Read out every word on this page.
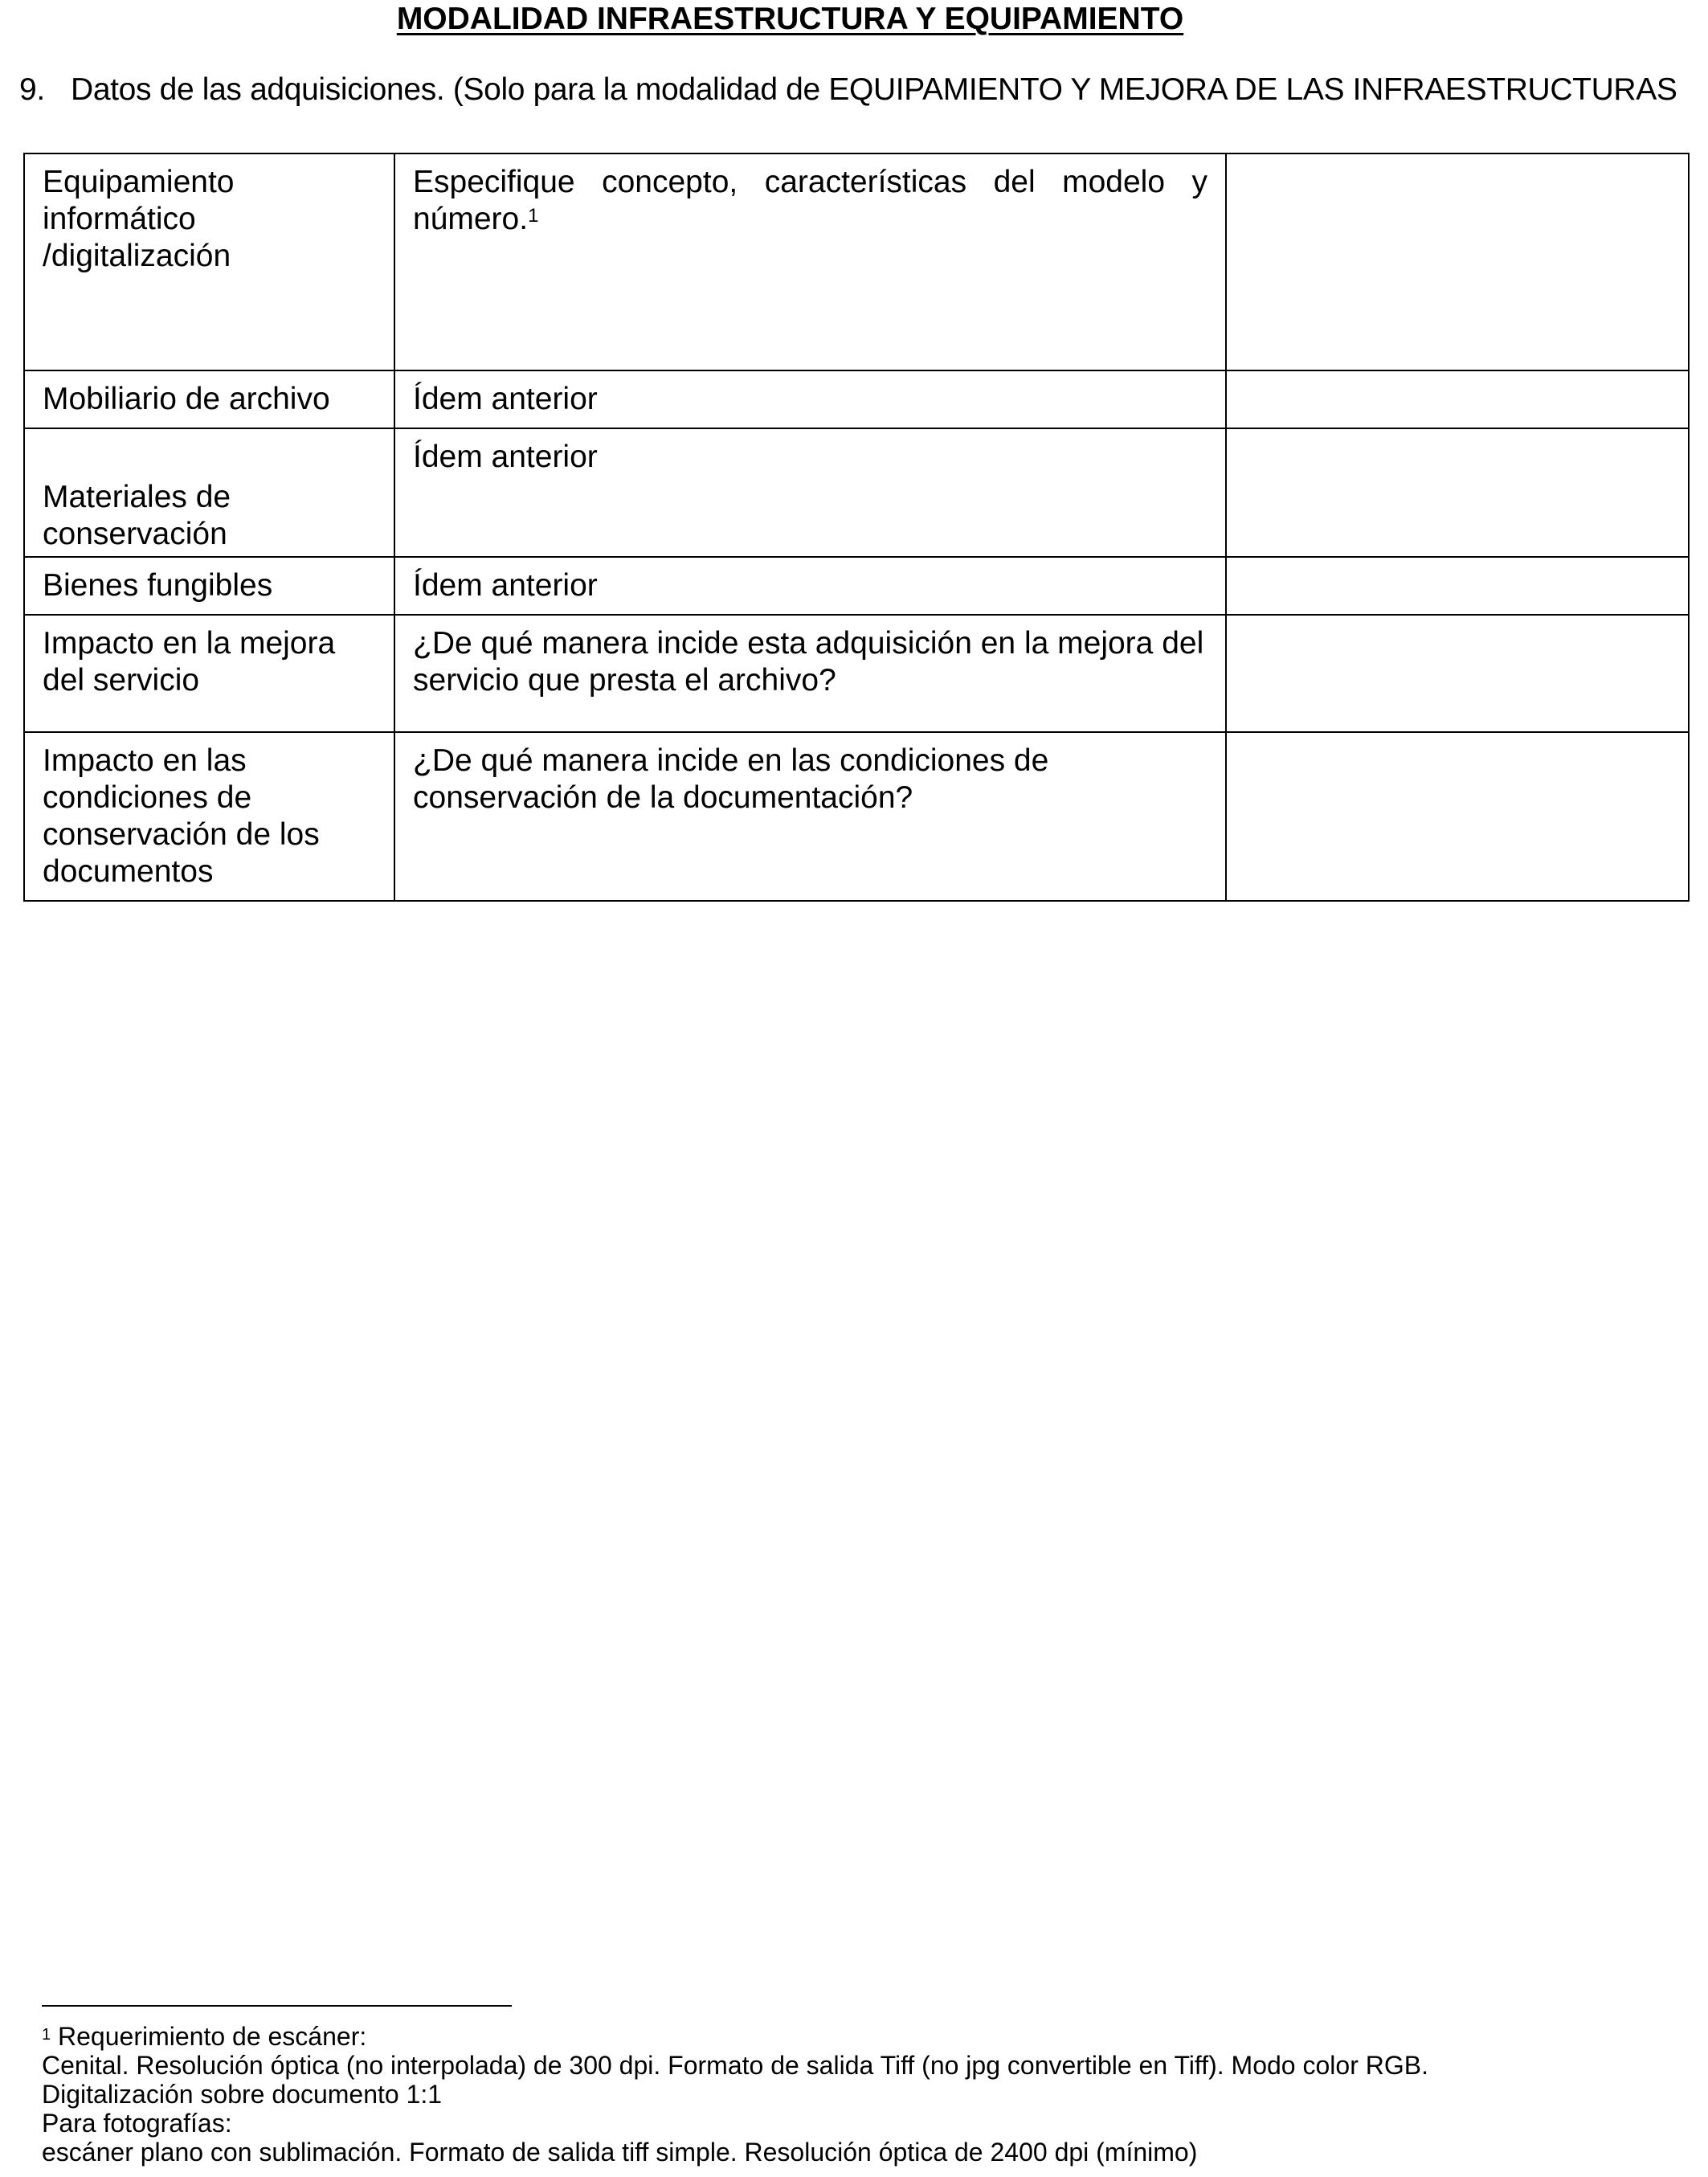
MODALIDAD INFRAESTRUCTURA Y EQUIPAMIENTO
9. Datos de las adquisiciones. (Solo para la modalidad de EQUIPAMIENTO Y MEJORA DE LAS INFRAESTRUCTURAS
Equipamiento informático /digitalización	Especifique concepto, características del modelo y número.$^1$	
Mobiliario de archivo	Ídem anterior	
Materiales de conservación	Ídem anterior	
Bienes fungibles	Ídem anterior	
Impacto en la mejora del servicio	¿De qué manera incide esta adquisición en la mejora del servicio que presta el archivo?	
Impacto en las condiciones de conservación de los documentos	¿De qué manera incide en las condiciones de conservación de la documentación?	
$^1$ Requerimiento de escáner:
Cenital. Resolución óptica (no interpolada) de 300 dpi. Formato de salida Tiff (no jpg convertible en Tiff). Modo color RGB.
Digitalización sobre documento 1:1
Para fotografías:
escáner plano con sublimación. Formato de salida tiff simple. Resolución óptica de 2400 dpi (mínimo)
